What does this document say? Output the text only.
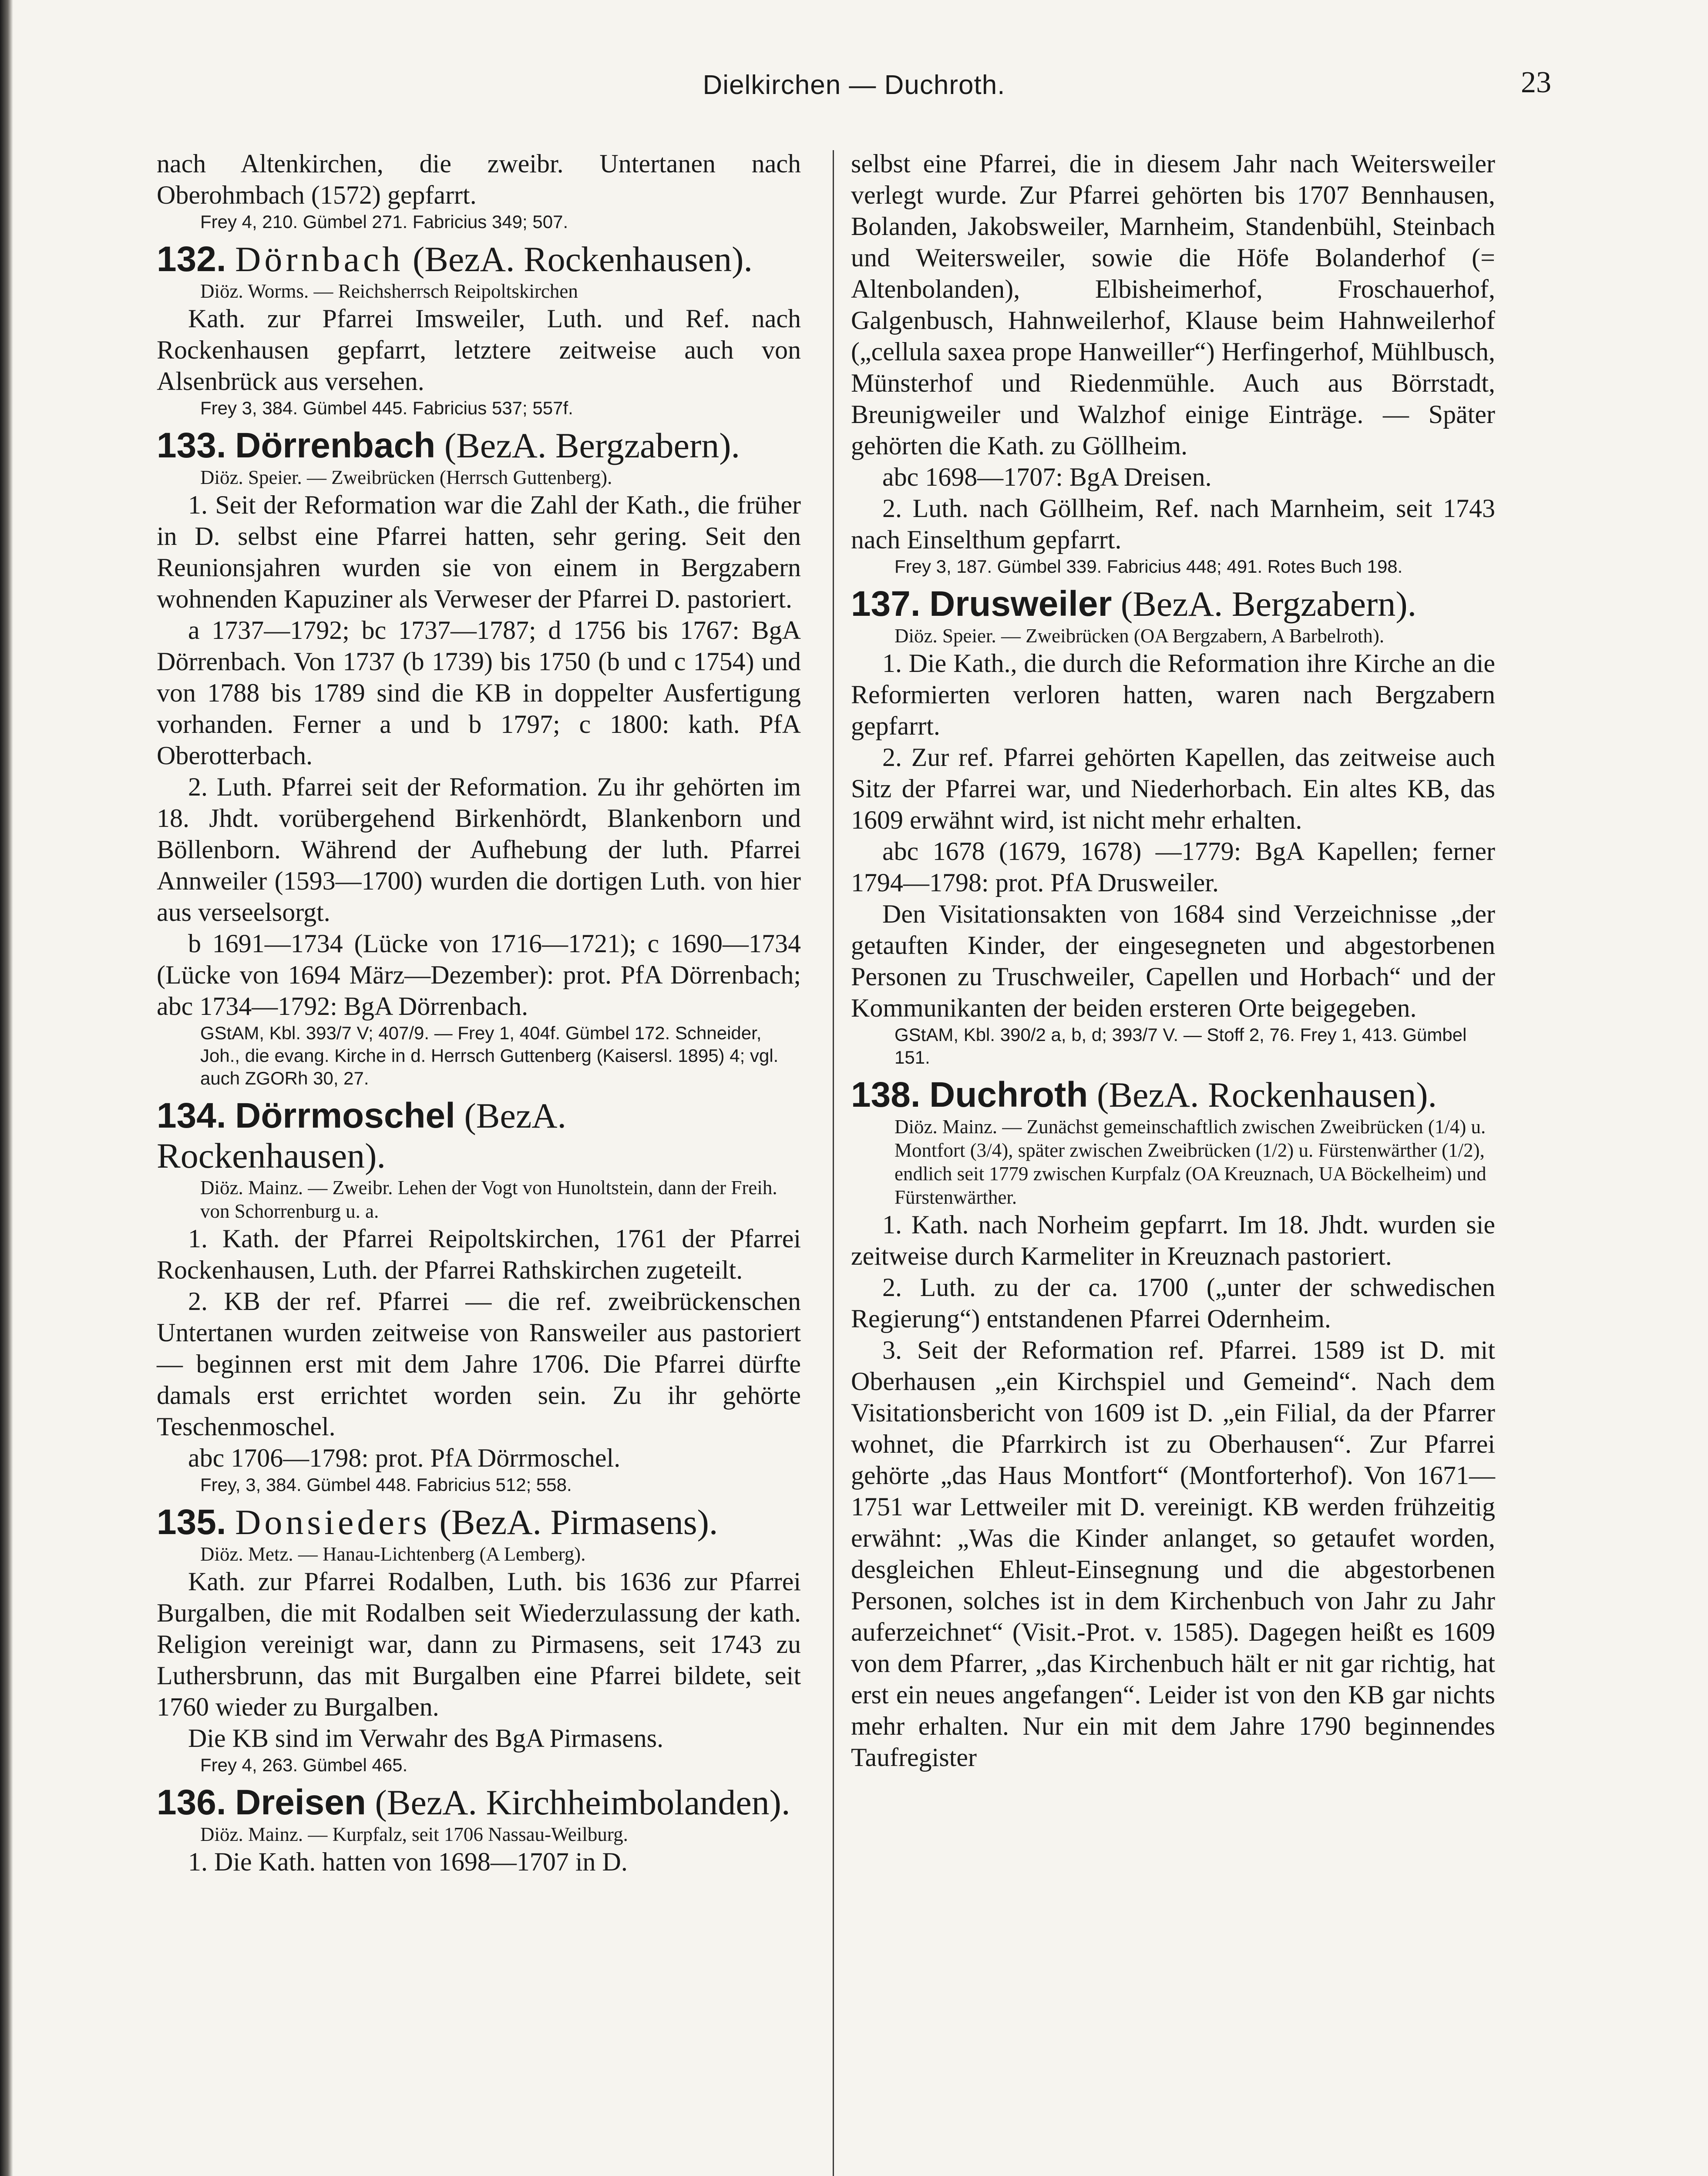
Dielkirchen — Duchroth.	23

nach Altenkirchen, die zweibr. Untertanen nach Oberohmbach (1572) gepfarrt.

Frey 4, 210. Gümbel 271. Fabricius 349; 507.
132. Dörnbach (BezA. Rockenhausen).
Diöz. Worms. — Reichsherrsch Reipoltskirchen

Kath. zur Pfarrei Imsweiler, Luth. und Ref. nach Rockenhausen gepfarrt, letztere zeitweise auch von Alsenbrück aus versehen.

Frey 3, 384. Gümbel 445. Fabricius 537; 557f.
133. Dörrenbach (BezA. Bergzabern).
Diöz. Speier. — Zweibrücken (Herrsch Guttenberg).

1. Seit der Reformation war die Zahl der Kath., die früher in D. selbst eine Pfarrei hatten, sehr gering. Seit den Reunionsjahren wurden sie von einem in Bergzabern wohnenden Kapuziner als Verweser der Pfarrei D. pastoriert.

a 1737—1792; bc 1737—1787; d 1756 bis 1767: BgA Dörrenbach. Von 1737 (b 1739) bis 1750 (b und c 1754) und von 1788 bis 1789 sind die KB in doppelter Ausfertigung vorhanden. Ferner a und b 1797; c 1800: kath. PfA Oberotterbach.

2. Luth. Pfarrei seit der Reformation. Zu ihr gehörten im 18. Jhdt. vorübergehend Birkenhördt, Blankenborn und Böllenborn. Während der Aufhebung der luth. Pfarrei Annweiler (1593—1700) wurden die dortigen Luth. von hier aus verseelsorgt.

b 1691—1734 (Lücke von 1716—1721); c 1690—1734 (Lücke von 1694 März—Dezember): prot. PfA Dörrenbach; abc 1734—1792: BgA Dörrenbach.

GStAM, Kbl. 393/7 V; 407/9. — Frey 1, 404f. Gümbel 172. Schneider, Joh., die evang. Kirche in d. Herrsch Guttenberg (Kaisersl. 1895) 4; vgl. auch ZGORh 30, 27.
134. Dörrmoschel (BezA. Rockenhausen).
Diöz. Mainz. — Zweibr. Lehen der Vogt von Hunoltstein, dann der Freih. von Schorrenburg u. a.

1. Kath. der Pfarrei Reipoltskirchen, 1761 der Pfarrei Rockenhausen, Luth. der Pfarrei Rathskirchen zugeteilt.

2. KB der ref. Pfarrei — die ref. zweibrückenschen Untertanen wurden zeitweise von Ransweiler aus pastoriert — beginnen erst mit dem Jahre 1706. Die Pfarrei dürfte damals erst errichtet worden sein. Zu ihr gehörte Teschenmoschel.

abc 1706—1798: prot. PfA Dörrmoschel.

Frey, 3, 384. Gümbel 448. Fabricius 512; 558.
135. Donsieders (BezA. Pirmasens).
Diöz. Metz. — Hanau-Lichtenberg (A Lemberg).

Kath. zur Pfarrei Rodalben, Luth. bis 1636 zur Pfarrei Burgalben, die mit Rodalben seit Wiederzulassung der kath. Religion vereinigt war, dann zu Pirmasens, seit 1743 zu Luthersbrunn, das mit Burgalben eine Pfarrei bildete, seit 1760 wieder zu Burgalben.

Die KB sind im Verwahr des BgA Pirmasens.

Frey 4, 263. Gümbel 465.
136. Dreisen (BezA. Kirchheimbolanden).
Diöz. Mainz. — Kurpfalz, seit 1706 Nassau-Weilburg.

1. Die Kath. hatten von 1698—1707 in D.

selbst eine Pfarrei, die in diesem Jahr nach Weitersweiler verlegt wurde. Zur Pfarrei gehörten bis 1707 Bennhausen, Bolanden, Jakobsweiler, Marnheim, Standenbühl, Steinbach und Weitersweiler, sowie die Höfe Bolanderhof (= Altenbolanden), Elbisheimerhof, Froschauerhof, Galgenbusch, Hahnweilerhof, Klause beim Hahnweilerhof („cellula saxea prope Hanweiller“) Herfingerhof, Mühlbusch, Münsterhof und Riedenmühle. Auch aus Börrstadt, Breunigweiler und Walzhof einige Einträge. — Später gehörten die Kath. zu Göllheim.

abc 1698—1707: BgA Dreisen.

2. Luth. nach Göllheim, Ref. nach Marnheim, seit 1743 nach Einselthum gepfarrt.

Frey 3, 187. Gümbel 339. Fabricius 448; 491. Rotes Buch 198.
137. Drusweiler (BezA. Bergzabern).
Diöz. Speier. — Zweibrücken (OA Bergzabern, A Barbelroth).

1. Die Kath., die durch die Reformation ihre Kirche an die Reformierten verloren hatten, waren nach Bergzabern gepfarrt.

2. Zur ref. Pfarrei gehörten Kapellen, das zeitweise auch Sitz der Pfarrei war, und Niederhorbach. Ein altes KB, das 1609 erwähnt wird, ist nicht mehr erhalten.

abc 1678 (1679, 1678) —1779: BgA Kapellen; ferner 1794—1798: prot. PfA Drusweiler.

Den Visitationsakten von 1684 sind Verzeichnisse „der getauften Kinder, der eingesegneten und abgestorbenen Personen zu Truschweiler, Capellen und Horbach“ und der Kommunikanten der beiden ersteren Orte beigegeben.

GStAM, Kbl. 390/2 a, b, d; 393/7 V. — Stoff 2, 76. Frey 1, 413. Gümbel 151.
138. Duchroth (BezA. Rockenhausen).
Diöz. Mainz. — Zunächst gemeinschaftlich zwischen Zweibrücken (1/4) u. Montfort (3/4), später zwischen Zweibrücken (1/2) u. Fürstenwärther (1/2), endlich seit 1779 zwischen Kurpfalz (OA Kreuznach, UA Böckelheim) und Fürstenwärther.

1. Kath. nach Norheim gepfarrt. Im 18. Jhdt. wurden sie zeitweise durch Karmeliter in Kreuznach pastoriert.

2. Luth. zu der ca. 1700 („unter der schwedischen Regierung“) entstandenen Pfarrei Odernheim.

3. Seit der Reformation ref. Pfarrei. 1589 ist D. mit Oberhausen „ein Kirchspiel und Gemeind“. Nach dem Visitationsbericht von 1609 ist D. „ein Filial, da der Pfarrer wohnet, die Pfarrkirch ist zu Oberhausen“. Zur Pfarrei gehörte „das Haus Montfort“ (Montforterhof). Von 1671—1751 war Lettweiler mit D. vereinigt. KB werden frühzeitig erwähnt: „Was die Kinder anlanget, so getaufet worden, desgleichen Ehleut-Einsegnung und die abgestorbenen Personen, solches ist in dem Kirchenbuch von Jahr zu Jahr auferzeichnet“ (Visit.-Prot. v. 1585). Dagegen heißt es 1609 von dem Pfarrer, „das Kirchenbuch hält er nit gar richtig, hat erst ein neues angefangen“. Leider ist von den KB gar nichts mehr erhalten. Nur ein mit dem Jahre 1790 beginnendes Taufregister
